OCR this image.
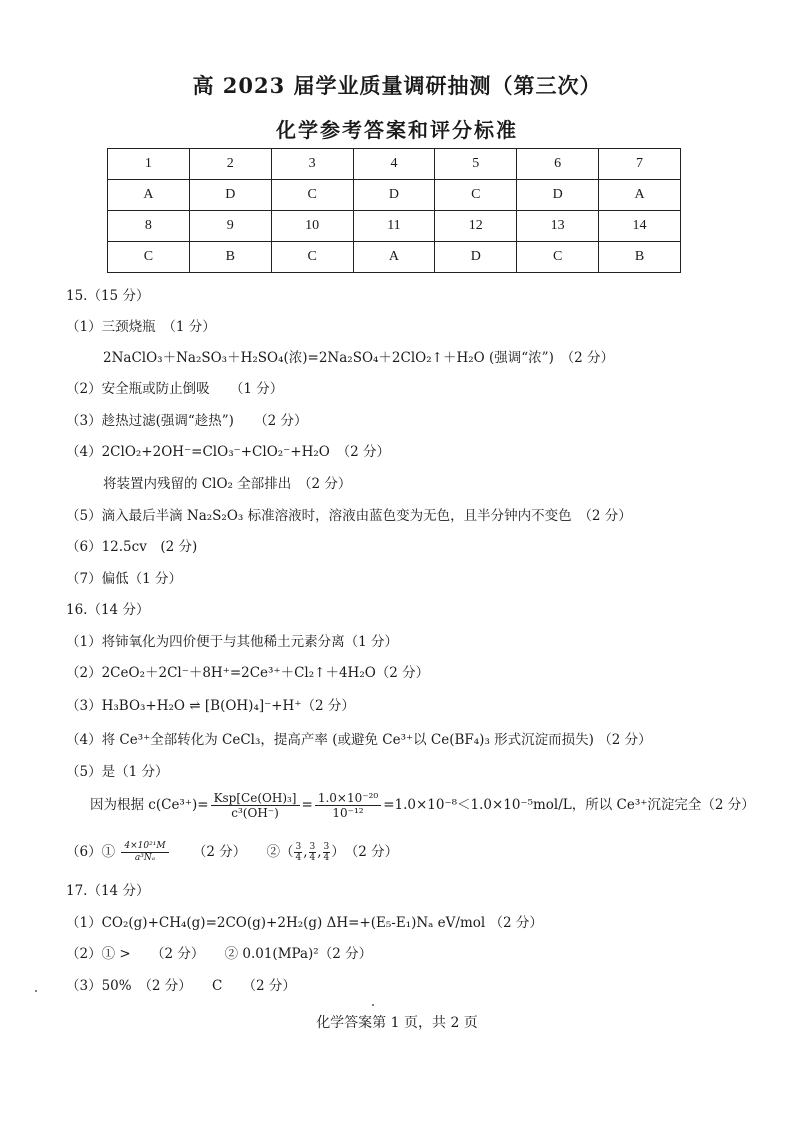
高 2023 届学业质量调研抽测（第三次）
化学参考答案和评分标准
1	2	3	4	5	6	7
A	D	C	D	C	D	A
8	9	10	11	12	13	14
C	B	C	A	D	C	B
15.（15 分）
（1）三颈烧瓶　（1 分）
2NaClO₃＋Na₂SO₃＋H₂SO₄(浓)=2Na₂SO₄＋2ClO₂↑＋H₂O (强调“浓”)　（2 分）
（2）安全瓶或防止倒吸　　（1 分）
（3）趁热过滤(强调“趁热”)　　（2 分）
（4）2ClO₂+2OH⁻=ClO₃⁻+ClO₂⁻+H₂O　（2 分）
将装置内残留的 ClO₂ 全部排出　（2 分）
（5）滴入最后半滴 Na₂S₂O₃ 标准溶液时，溶液由蓝色变为无色，且半分钟内不变色　（2 分）
（6）12.5cv　(2 分)
（7）偏低（1 分）
16.（14 分）
（1）将铈氧化为四价便于与其他稀土元素分离（1 分）
（2）2CeO₂＋2Cl⁻＋8H⁺=2Ce³⁺＋Cl₂↑＋4H₂O（2 分）
（3）H₃BO₃+H₂O ⇌ [B(OH)₄]⁻+H⁺（2 分）
（4）将 Ce³⁺全部转化为 CeCl₃，提高产率 (或避免 Ce³⁺以 Ce(BF₄)₃ 形式沉淀而损失) （2 分）
（5）是（1 分）
因为根据 $c(Ce^{3+})= \frac{\text{Ksp[Ce(OH)₃]}}{\text{c³(OH⁻)}} = \frac{\text{1.0×10⁻²⁰}}{\text{10⁻¹²}} =1.0\times 10^{-8}<1.0\times 10^{-5}mol/L$，所以 Ce³⁺沉淀完全（2 分）
（6）① $\frac{\text{4×10²¹M}}{\text{a³Nₐ}} (2$ 分）　　②（ $\frac{3}{4}$ , $\frac{3}{4}$ , $\frac{3}{4}$ ）　（2 分）
17.（14 分）
（1）CO₂(g)+CH₄(g)=2CO(g)+2H₂(g) ΔH=+(E₅-E₁)Nₐ eV/mol （2 分）
（2）① >　　（2 分）　　② 0.01(MPa)²（2 分）
（3）50%　（2 分）　　C　　（2 分）
化学答案第 1 页，共 2 页
